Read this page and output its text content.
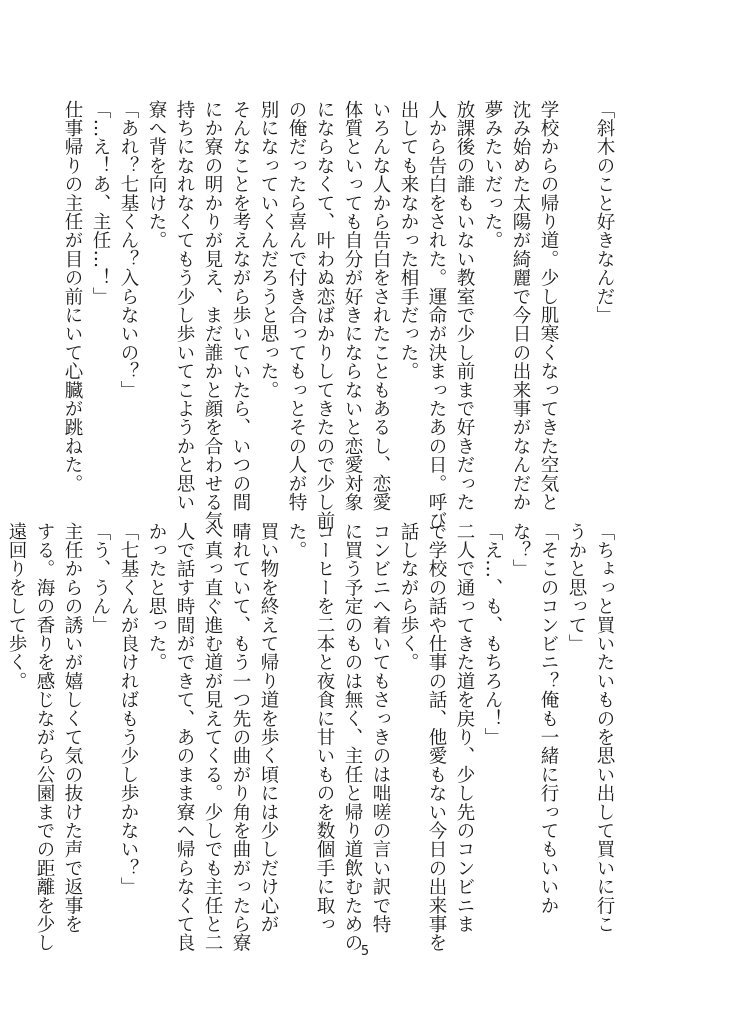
「斜木のこと好きなんだ」

学校からの帰り道。少し肌寒くなってきた空気と

沈み始めた太陽が綺麗で今日の出来事がなんだか

夢みたいだった。

放課後の誰もいない教室で少し前まで好きだった

人から告白をされた。運命が決まったあの日。呼び

出しても来なかった相手だった。

いろんな人から告白をされたこともあるし、恋愛

体質といっても自分が好きにならないと恋愛対象

にならなくて、叶わぬ恋ばかりしてきたので少し前

の俺だったら喜んで付き合ってもっとその人が特

別になっていくんだろうと思った。

そんなことを考えながら歩いていたら、いつの間

にか寮の明かりが見え、まだ誰かと顔を合わせる気

持ちになれなくてもう少し歩いてこようかと思い

寮へ背を向けた。

「あれ？七基くん？入らないの？」

「…え！あ、主任…！」

仕事帰りの主任が目の前にいて心臓が跳ねた。

「ちょっと買いたいものを思い出して買いに行こ

うかと思って」

「そこのコンビニ？俺も一緒に行ってもいいか

な？」

「え…、も、もちろん！」

二人で通ってきた道を戻り、少し先のコンビニま

で学校の話や仕事の話、他愛もない今日の出来事を

話しながら歩く。

コンビニへ着いてもさっきのは咄嗟の言い訳で特

に買う予定のものは無く、主任と帰り道飲むための

コーヒーを二本と夜食に甘いものを数個手に取っ

た。

買い物を終えて帰り道を歩く頃には少しだけ心が

晴れていて、もう一つ先の曲がり角を曲がったら寮

へ真っ直ぐ進む道が見えてくる。少しでも主任と二

人で話す時間ができて、あのまま寮へ帰らなくて良

かったと思った。

「七基くんが良ければもう少し歩かない？」

「う、うん」

主任からの誘いが嬉しくて気の抜けた声で返事を

する。海の香りを感じながら公園までの距離を少し

遠回りをして歩く。

5
